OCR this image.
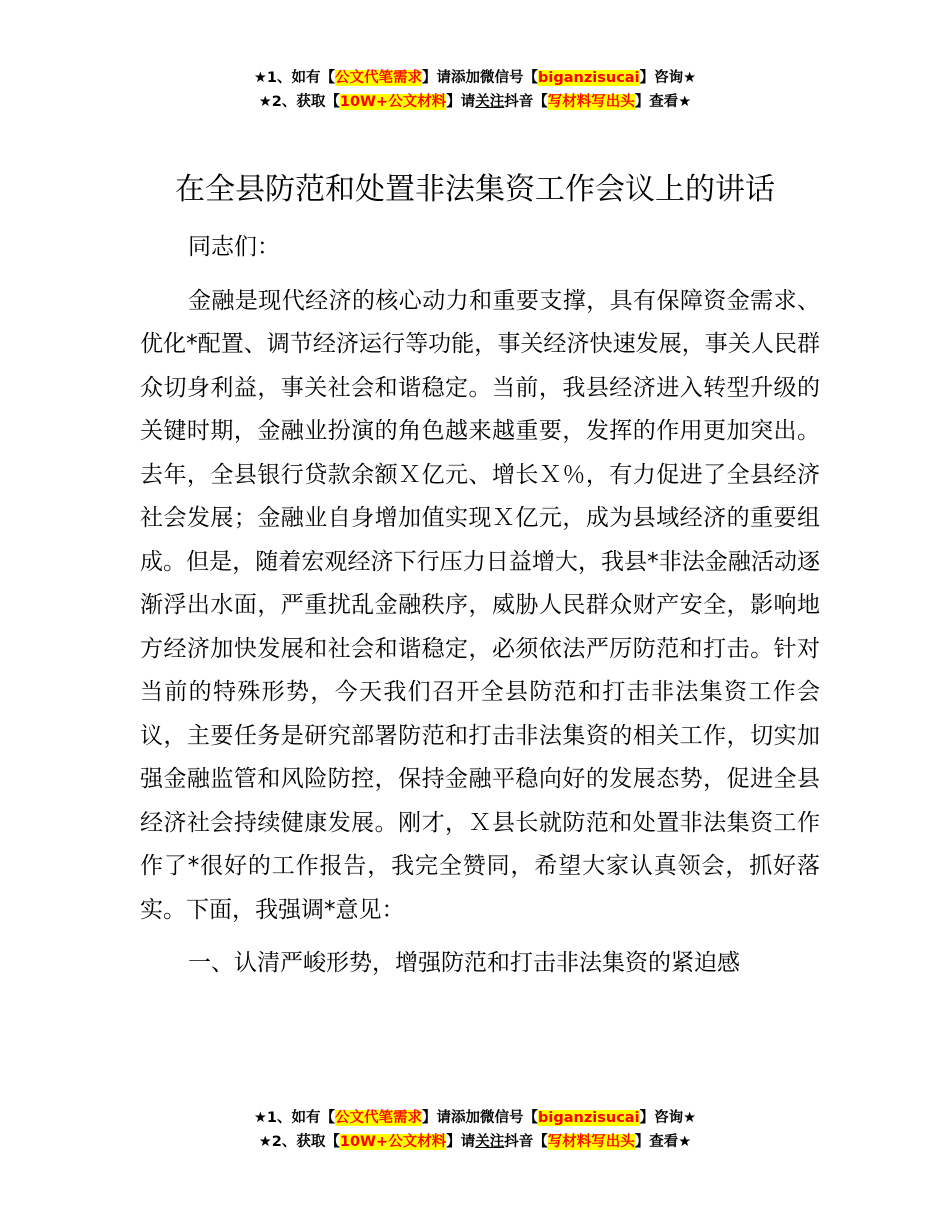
★1、如有【公文代笔需求】请添加微信号【biganzisucai】咨询★
★2、获取【10W+公文材料】请关注抖音【写材料写出头】查看★
在全县防范和处置非法集资工作会议上的讲话

同志们：

金融是现代经济的核心动力和重要支撑，具有保障资金需求、优化*配置、调节经济运行等功能，事关经济快速发展，事关人民群众切身利益，事关社会和谐稳定。当前，我县经济进入转型升级的关键时期，金融业扮演的角色越来越重要，发挥的作用更加突出。去年，全县银行贷款余额Ｘ亿元、增长Ｘ％，有力促进了全县经济社会发展；金融业自身增加值实现Ｘ亿元，成为县域经济的重要组成。但是，随着宏观经济下行压力日益增大，我县*非法金融活动逐渐浮出水面，严重扰乱金融秩序，威胁人民群众财产安全，影响地方经济加快发展和社会和谐稳定，必须依法严厉防范和打击。针对当前的特殊形势，今天我们召开全县防范和打击非法集资工作会议，主要任务是研究部署防范和打击非法集资的相关工作，切实加强金融监管和风险防控，保持金融平稳向好的发展态势，促进全县经济社会持续健康发展。刚才，Ｘ县长就防范和处置非法集资工作作了*很好的工作报告，我完全赞同，希望大家认真领会，抓好落实。下面，我强调*意见：

一、认清严峻形势，增强防范和打击非法集资的紧迫感

★1、如有【公文代笔需求】请添加微信号【biganzisucai】咨询★
★2、获取【10W+公文材料】请关注抖音【写材料写出头】查看★
